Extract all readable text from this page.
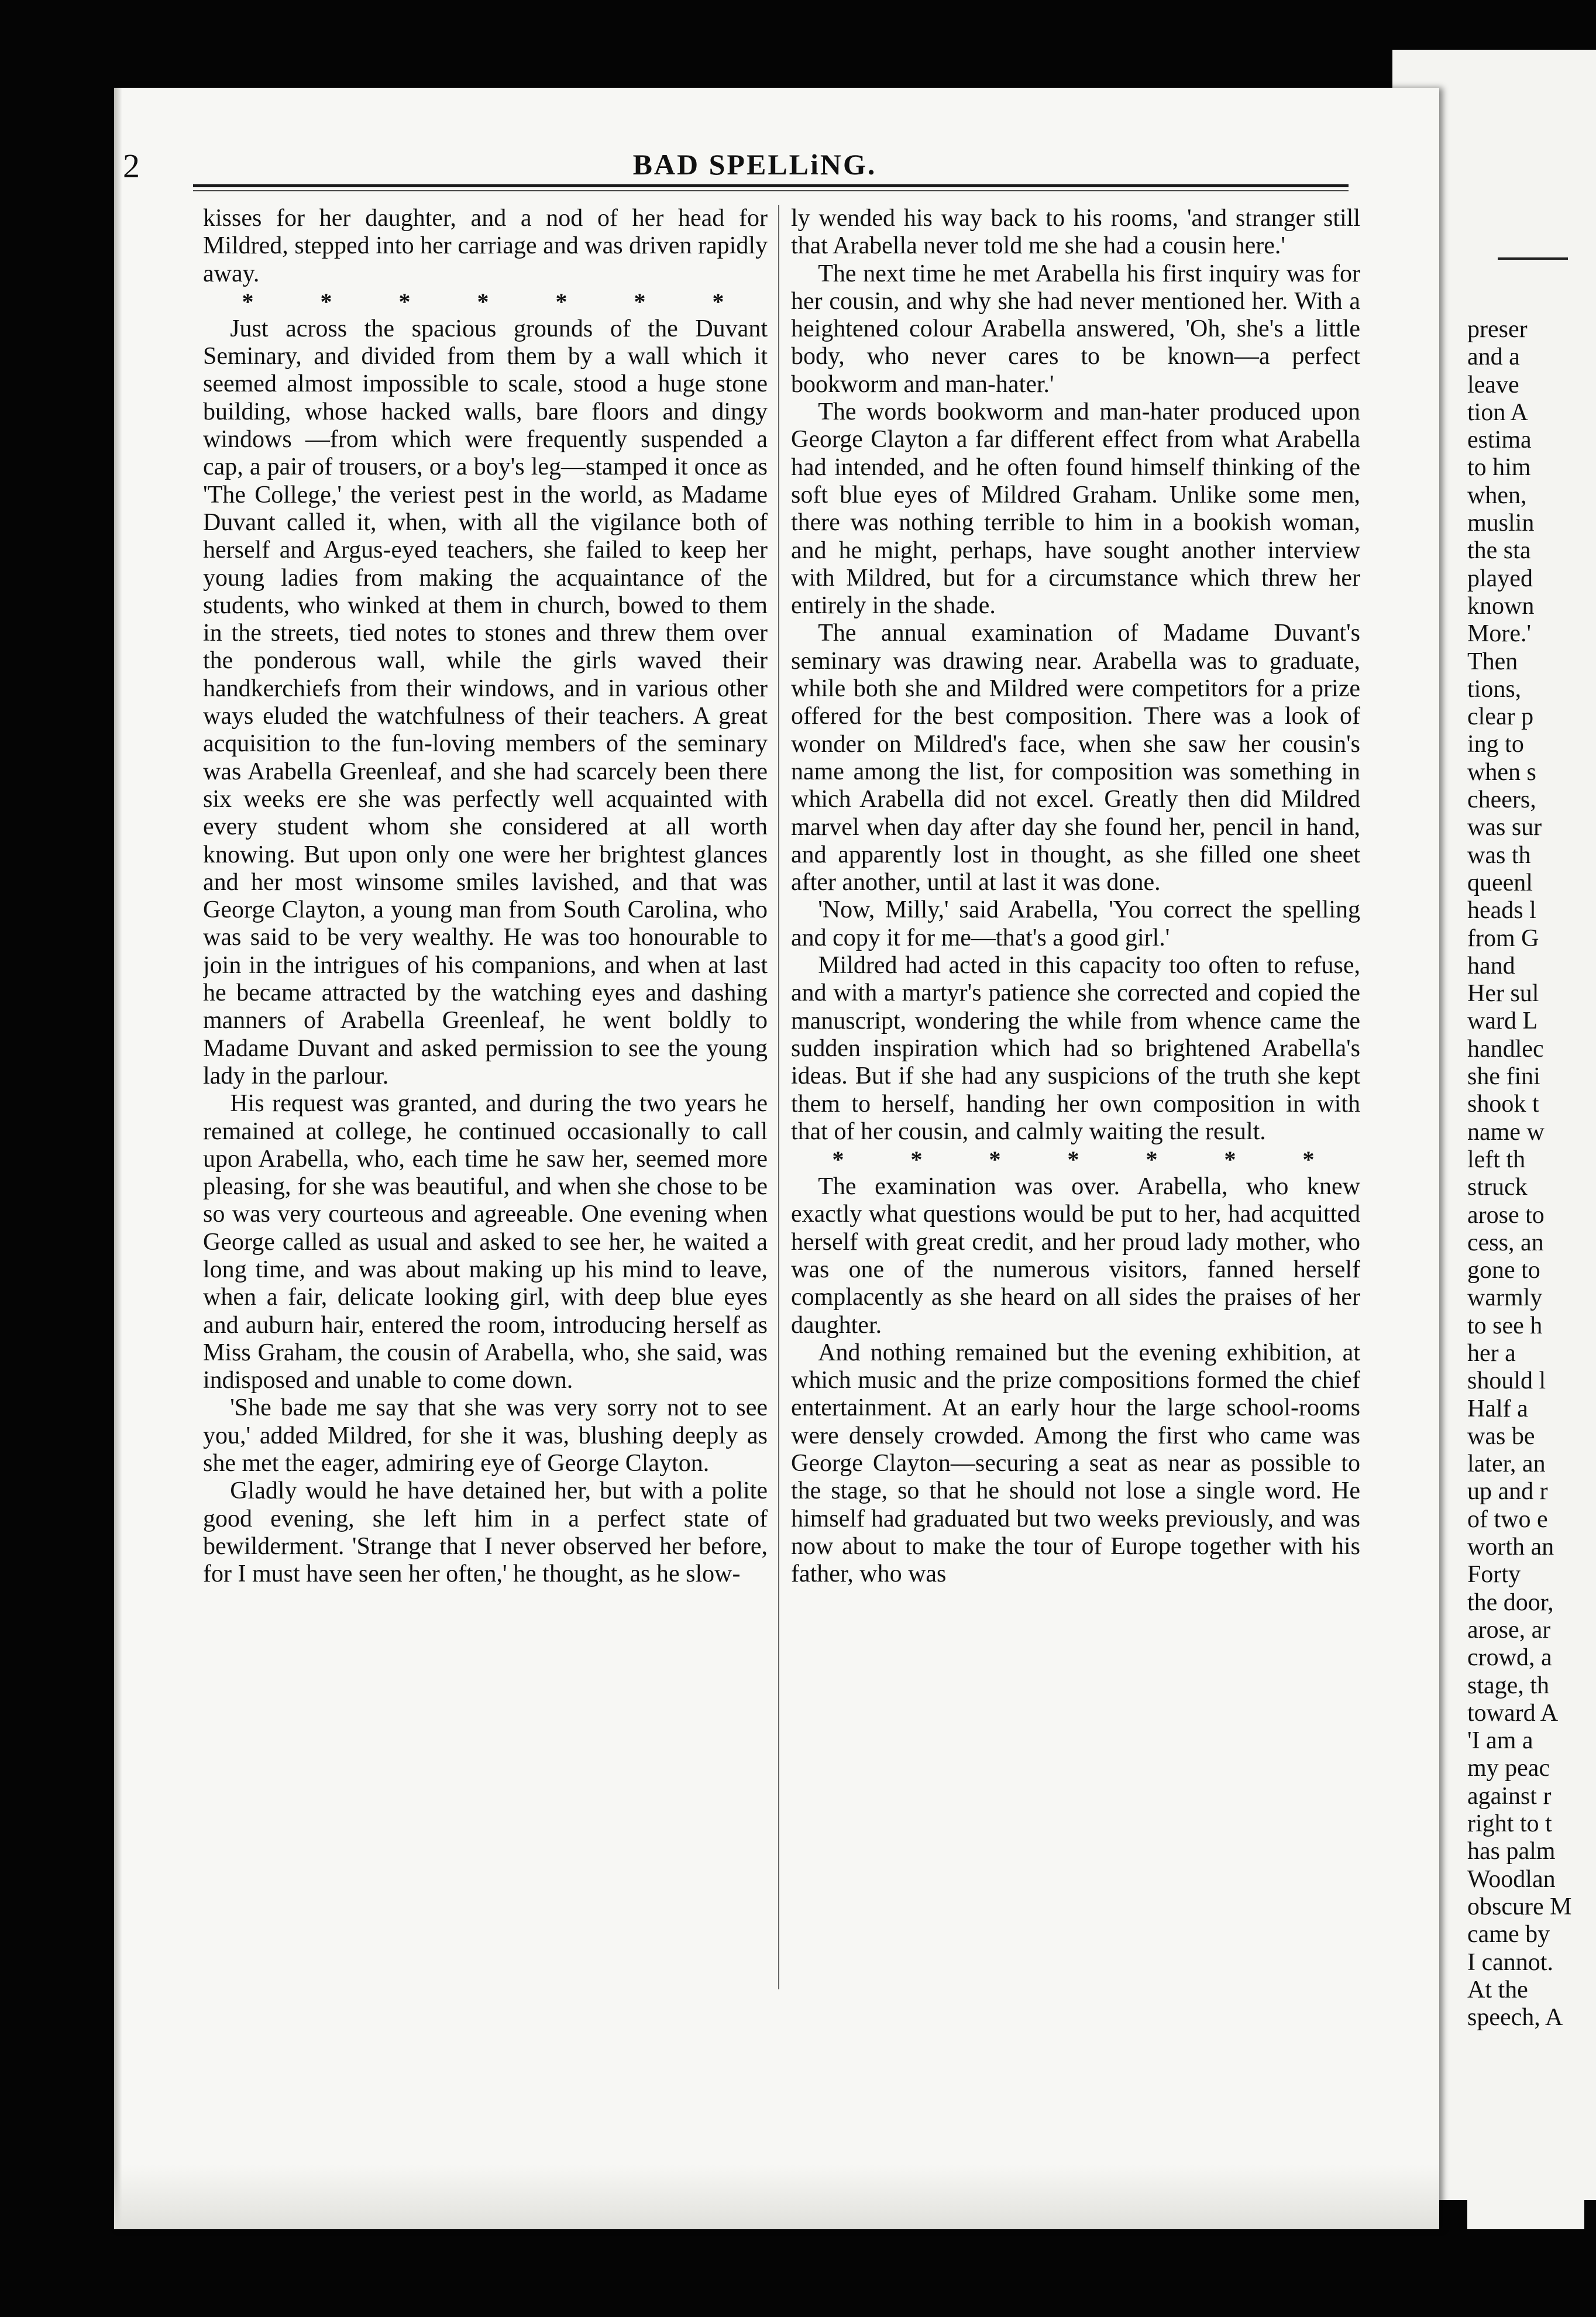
preser
and a
leave
tion A
estima
to him
when,
muslin
the sta
played
known
More.'
Then
tions,
clear p
ing to
when s
cheers,
was sur
was th
queenl
heads l
from G
hand
Her sul
ward L
handlec
she fini
shook t
name w
left th
struck
arose to
cess, an
gone to
warmly
to see h
her a
should l
Half a
was be
later, an
up and r
of two e
worth an
Forty
the door,
arose, ar
crowd, a
stage, th
toward A
'I am a
my peac
against r
right to t
has palm
Woodlan
obscure M
came by
I cannot.
At the
speech, A
2	BAD SPELLiNG.

kisses for her daughter, and a nod of her head for Mildred, stepped into her carriage and was driven rapidly away.

* * * * * * *

Just across the spacious grounds of the Duvant Seminary, and divided from them by a wall which it seemed almost impossible to scale, stood a huge stone building, whose hacked walls, bare floors and dingy windows —from which were frequently suspended a cap, a pair of trousers, or a boy's leg—stamped it once as 'The College,' the veriest pest in the world, as Madame Duvant called it, when, with all the vigilance both of herself and Argus-eyed teachers, she failed to keep her young ladies from making the acquaintance of the students, who winked at them in church, bowed to them in the streets, tied notes to stones and threw them over the ponderous wall, while the girls waved their handkerchiefs from their windows, and in various other ways eluded the watchfulness of their teachers. A great acquisition to the fun-loving members of the seminary was Arabella Greenleaf, and she had scarcely been there six weeks ere she was perfectly well acquainted with every student whom she considered at all worth knowing. But upon only one were her brightest glances and her most winsome smiles lavished, and that was George Clayton, a young man from South Carolina, who was said to be very wealthy. He was too honourable to join in the intrigues of his companions, and when at last he became attracted by the watching eyes and dashing manners of Arabella Greenleaf, he went boldly to Madame Duvant and asked permission to see the young lady in the parlour.

His request was granted, and during the two years he remained at college, he continued occasionally to call upon Arabella, who, each time he saw her, seemed more pleasing, for she was beautiful, and when she chose to be so was very courteous and agreeable. One evening when George called as usual and asked to see her, he waited a long time, and was about making up his mind to leave, when a fair, delicate looking girl, with deep blue eyes and auburn hair, entered the room, introducing herself as Miss Graham, the cousin of Arabella, who, she said, was indisposed and unable to come down.

'She bade me say that she was very sorry not to see you,' added Mildred, for she it was, blushing deeply as she met the eager, admiring eye of George Clayton.

Gladly would he have detained her, but with a polite good evening, she left him in a perfect state of bewilderment. 'Strange that I never observed her before, for I must have seen her often,' he thought, as he slow-

ly wended his way back to his rooms, 'and stranger still that Arabella never told me she had a cousin here.'

The next time he met Arabella his first inquiry was for her cousin, and why she had never mentioned her. With a heightened colour Arabella answered, 'Oh, she's a little body, who never cares to be known—a perfect bookworm and man-hater.'

The words bookworm and man-hater produced upon George Clayton a far different effect from what Arabella had intended, and he often found himself thinking of the soft blue eyes of Mildred Graham. Unlike some men, there was nothing terrible to him in a bookish woman, and he might, perhaps, have sought another interview with Mildred, but for a circumstance which threw her entirely in the shade.

The annual examination of Madame Duvant's seminary was drawing near. Arabella was to graduate, while both she and Mildred were competitors for a prize offered for the best composition. There was a look of wonder on Mildred's face, when she saw her cousin's name among the list, for composition was something in which Arabella did not excel. Greatly then did Mildred marvel when day after day she found her, pencil in hand, and apparently lost in thought, as she filled one sheet after another, until at last it was done.

'Now, Milly,' said Arabella, 'You correct the spelling and copy it for me—that's a good girl.'

Mildred had acted in this capacity too often to refuse, and with a martyr's patience she corrected and copied the manuscript, wondering the while from whence came the sudden inspiration which had so brightened Arabella's ideas. But if she had any suspicions of the truth she kept them to herself, handing her own composition in with that of her cousin, and calmly waiting the result.

* * * * * * *

The examination was over. Arabella, who knew exactly what questions would be put to her, had acquitted herself with great credit, and her proud lady mother, who was one of the numerous visitors, fanned herself complacently as she heard on all sides the praises of her daughter.

And nothing remained but the evening exhibition, at which music and the prize compositions formed the chief entertainment. At an early hour the large school-rooms were densely crowded. Among the first who came was George Clayton—securing a seat as near as possible to the stage, so that he should not lose a single word. He himself had graduated but two weeks previously, and was now about to make the tour of Europe together with his father, who was
